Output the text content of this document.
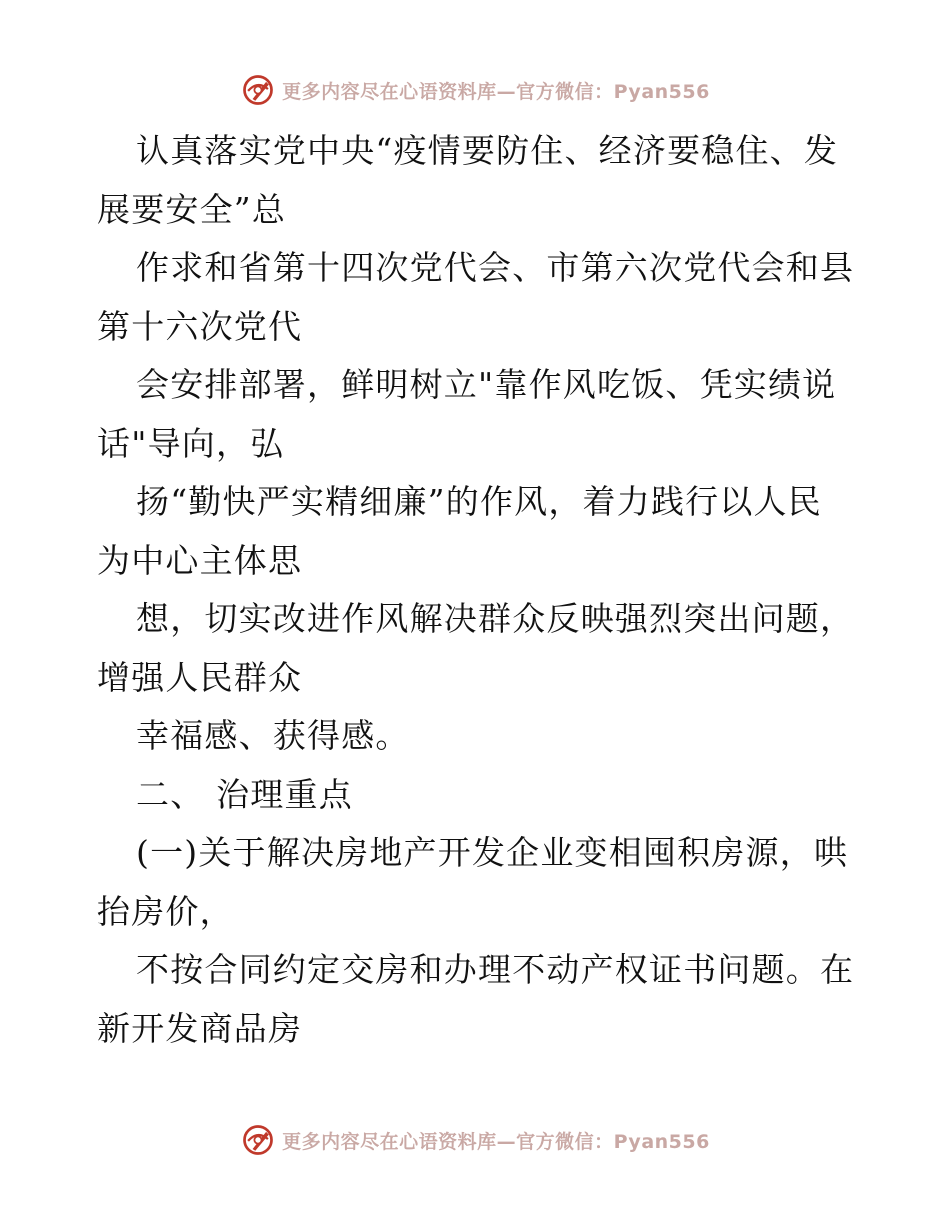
更多内容尽在心语资料库—官方微信：Pyan556
认真落实党中央“疫情要防住、经济要稳住、发
展要安全”总
作求和省第十四次党代会、市第六次党代会和县
第十六次党代
会安排部署，鲜明树立"靠作风吃饭、凭实绩说
话"导向，弘
扬“勤快严实精细廉”的作风，着力践行以人民
为中心主体思
想，切实改进作风解决群众反映强烈突出问题，
增强人民群众
幸福感、获得感。
二、 治理重点
(一)关于解决房地产开发企业变相囤积房源，哄
抬房价，
不按合同约定交房和办理不动产权证书问题。在
新开发商品房
更多内容尽在心语资料库—官方微信：Pyan556
